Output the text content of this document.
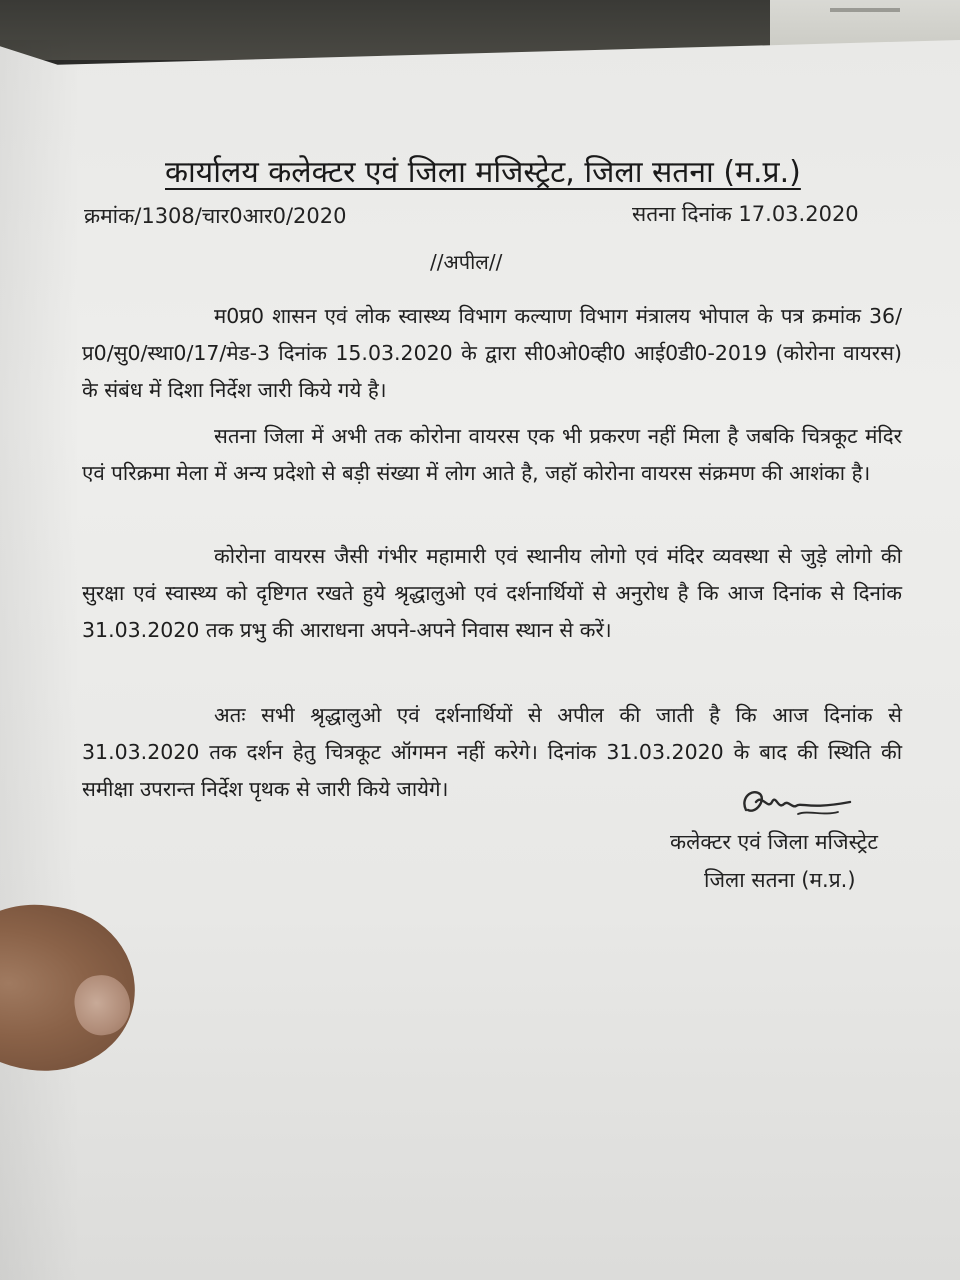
कार्यालय कलेक्टर एवं जिला मजिस्ट्रेट, जिला सतना (म.प्र.)
क्रमांक/1308/चार0आर0/2020	सतना दिनांक 17.03.2020
//अपील//

म0प्र0 शासन एवं लोक स्वास्थ्य विभाग कल्याण विभाग मंत्रालय भोपाल के पत्र क्रमांक 36/प्र0/सु0/स्था0/17/मेड-3 दिनांक 15.03.2020 के द्वारा सी0ओ0व्ही0 आई0डी0-2019 (कोरोना वायरस) के संबंध में दिशा निर्देश जारी किये गये है।

सतना जिला में अभी तक कोरोना वायरस एक भी प्रकरण नहीं मिला है जबकि चित्रकूट मंदिर एवं परिक्रमा मेला में अन्य प्रदेशो से बड़ी संख्या में लोग आते है, जहॉ कोरोना वायरस संक्रमण की आशंका है।

कोरोना वायरस जैसी गंभीर महामारी एवं स्थानीय लोगो एवं मंदिर व्यवस्था से जुड़े लोगो की सुरक्षा एवं स्वास्थ्य को दृष्टिगत रखते हुये श्रृद्धालुओ एवं दर्शनार्थियों से अनुरोध है कि आज दिनांक से दिनांक 31.03.2020 तक प्रभु की आराधना अपने-अपने निवास स्थान से करें।

अतः सभी श्रृद्धालुओ एवं दर्शनार्थियों से अपील की जाती है कि आज दिनांक से 31.03.2020 तक दर्शन हेतु चित्रकूट ऑगमन नहीं करेगे। दिनांक 31.03.2020 के बाद की स्थिति की समीक्षा उपरान्त निर्देश पृथक से जारी किये जायेगे।

कलेक्टर एवं जिला मजिस्ट्रेट
जिला सतना (म.प्र.)
